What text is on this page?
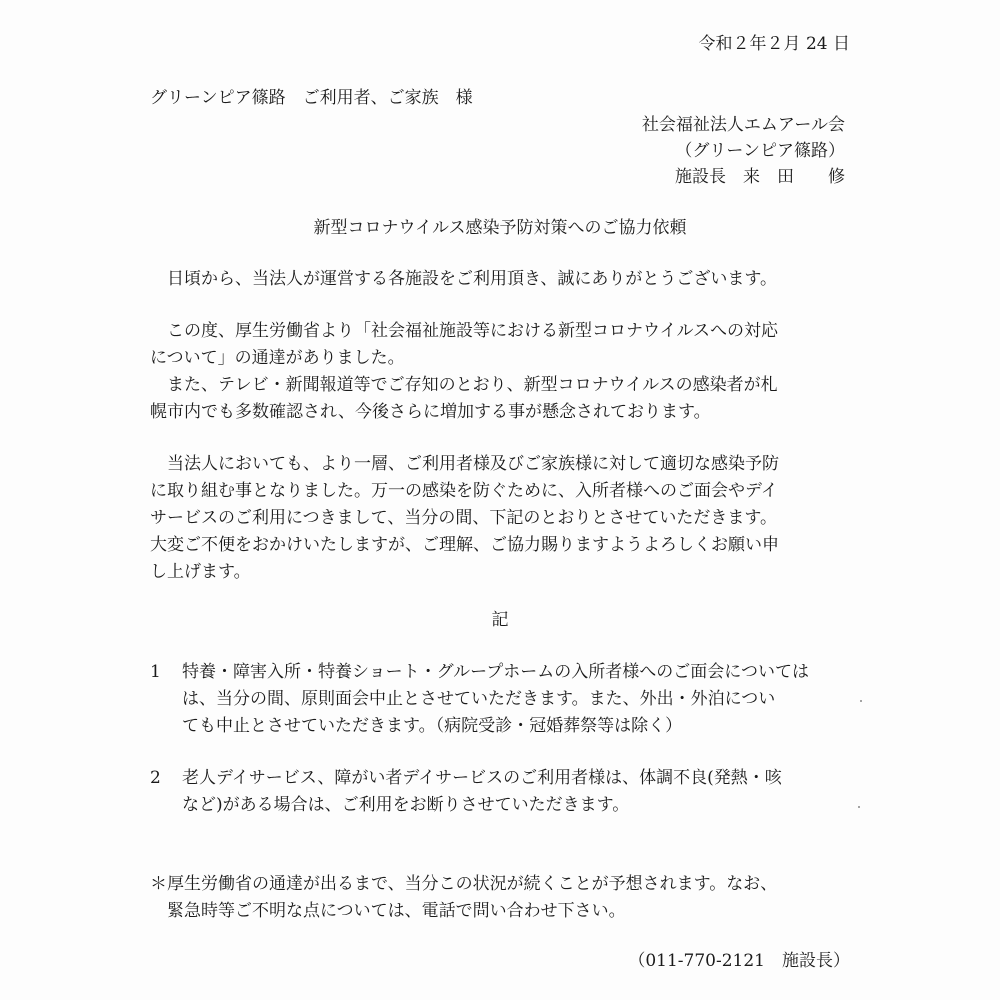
令和２年２月 24 日
グリーンピア篠路　ご利用者、ご家族　様
社会福祉法人エムアール会
（グリーンピア篠路）
施設長　来　田　　修
新型コロナウイルス感染予防対策へのご協力依頼
　日頃から、当法人が運営する各施設をご利用頂き、誠にありがとうございます。
　この度、厚生労働省より「社会福祉施設等における新型コロナウイルスへの対応
について」の通達がありました。
　また、テレビ・新聞報道等でご存知のとおり、新型コロナウイルスの感染者が札
幌市内でも多数確認され、今後さらに増加する事が懸念されております。
　当法人においても、より一層、ご利用者様及びご家族様に対して適切な感染予防
に取り組む事となりました。万一の感染を防ぐために、入所者様へのご面会やデイ
サービスのご利用につきまして、当分の間、下記のとおりとさせていただきます。
大変ご不便をおかけいたしますが、ご理解、ご協力賜りますようよろしくお願い申
し上げます。
記
1 特養・障害入所・特養ショート・グループホームの入所者様へのご面会については
は、当分の間、原則面会中止とさせていただきます。また、外出・外泊につい
ても中止とさせていただきます。（病院受診・冠婚葬祭等は除く）
2 老人デイサービス、障がい者デイサービスのご利用者様は、体調不良(発熱・咳
など)がある場合は、ご利用をお断りさせていただきます。
＊厚生労働省の通達が出るまで、当分この状況が続くことが予想されます。なお、
　緊急時等ご不明な点については、電話で問い合わせ下さい。
（011-770-2121　施設長）
